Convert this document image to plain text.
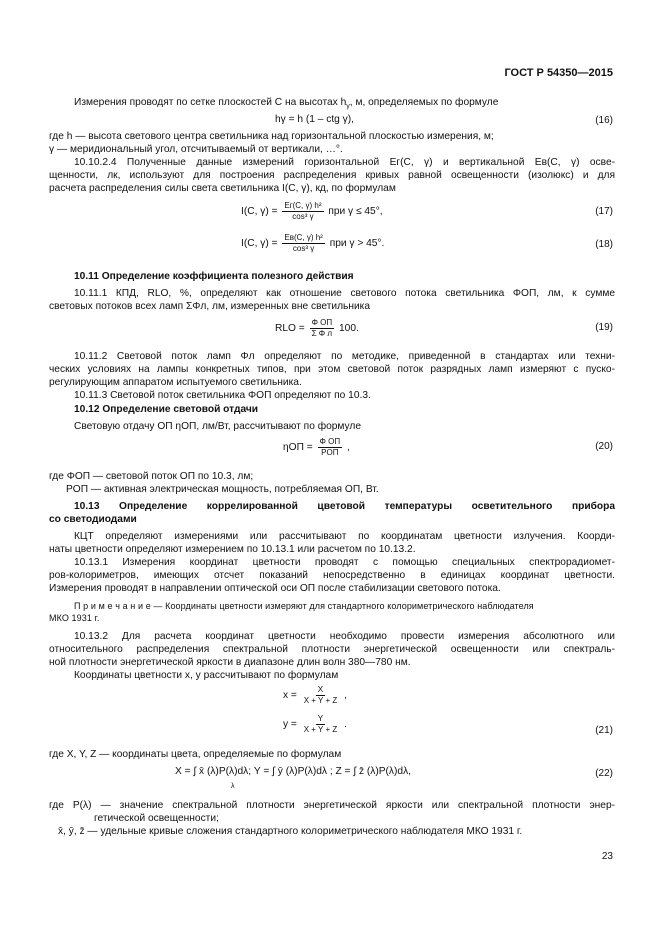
ГОСТ Р 54350—2015
Измерения проводят по сетке плоскостей C на высотах $h_\gamma$, м, определяемых по формуле
hγ = h (1 – ctg γ),	(16)
где h — высота светового центра светильника над горизонтальной плоскостью измерения, м;
γ — меридиональный угол, отсчитываемый от вертикали, …°.
10.10.2.4 Полученные данные измерений горизонтальной Eг(C, γ) и вертикальной Eв(C, γ) осве-
щенности, лк, используют для построения распределения кривых равной освещенности (изолюкс) и для
расчета распределения силы света светильника I(C, γ), кд, по формулам
I(C, $\gamma) = \frac{\text{Eг(C, γ) h²}}{\text{cos³ γ}}$ при γ ≤ 45°,	(17)
I(C, $\gamma) = \frac{\text{Eв(C, γ) h²}}{\text{cos³ γ}}$ при γ > 45°.	(18)
10.11 Определение коэффициента полезного действия
10.11.1 КПД, RLO, %, определяют как отношение светового потока светильника ΦОП, лм, к сумме
световых потоков всех ламп ΣΦл, лм, измеренных вне светильника
RLO = $\frac{\text{Φ ОП}}{\text{Σ Φ л}} 100$.	(19)
10.11.2 Световой поток ламп Φл определяют по методике, приведенной в стандартах или техни-
ческих условиях на лампы конкретных типов, при этом световой поток разрядных ламп измеряют с пуско-
регулирующим аппаратом испытуемого светильника.
10.11.3 Световой поток светильника ΦОП определяют по 10.3.
10.12 Определение световой отдачи
Световую отдачу ОП ηОП, лм/Вт, рассчитывают по формуле
$\eta ОП = \frac{\text{Φ ОП}}{\text{PОП}}$ ,	(20)
где ΦОП — световой поток ОП по 10.3, лм;
PОП — активная электрическая мощность, потребляемая ОП, Вт.
10.13 Определение коррелированной цветовой температуры осветительного прибора
со светодиодами
КЦТ определяют измерениями или рассчитывают по координатам цветности излучения. Коорди-
наты цветности определяют измерением по 10.13.1 или расчетом по 10.13.2.
10.13.1 Измерения координат цветности проводят с помощью специальных спектрорадиомет-
ров-колориметров, имеющих отсчет показаний непосредственно в единицах координат цветности.
Измерения проводят в направлении оптической оси ОП после стабилизации светового потока.
П р и м е ч а н и е — Координаты цветности измеряют для стандартного колориметрического наблюдателя
МКО 1931 г.
10.13.2 Для расчета координат цветности необходимо провести измерения абсолютного или
относительного распределения спектральной плотности энергетической освещенности или спектраль-
ной плотности энергетической яркости в диапазоне длин волн 380—780 нм.
Координаты цветности x, y рассчитывают по формулам
$x = \frac{X}{X + Y + Z}$ ,
$y = \frac{Y}{X + Y + Z}$ .
(21)
где X, Y, Z — координаты цвета, определяемые по формулам
X = ∫ x̄ (λ)P(λ)dλ; Y = ∫ ȳ (λ)P(λ)dλ ; Z = ∫ z̄ (λ)P(λ)dλ,
λ
(22)
где P(λ) — значение спектральной плотности энергетической яркости или спектральной плотности энер-
гетической освещенности;
x̄, ȳ, z̄ — удельные кривые сложения стандартного колориметрического наблюдателя МКО 1931 г.
23
